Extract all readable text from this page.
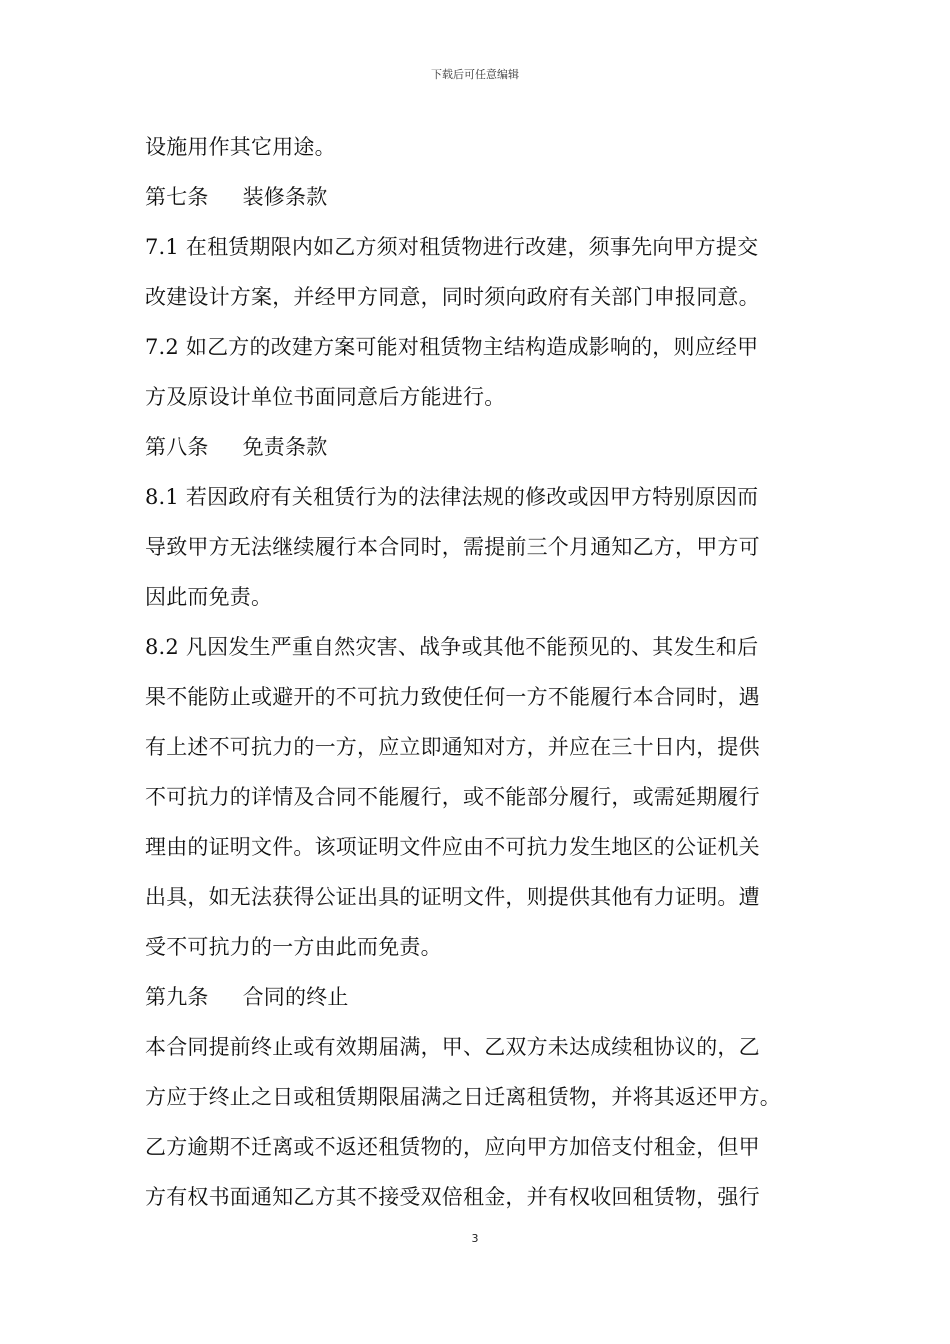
下载后可任意编辑
设施用作其它用途。
第七条 装修条款
7.1 在租赁期限内如乙方须对租赁物进行改建，须事先向甲方提交
改建设计方案，并经甲方同意，同时须向政府有关部门申报同意。
7.2 如乙方的改建方案可能对租赁物主结构造成影响的，则应经甲
方及原设计单位书面同意后方能进行。
第八条 免责条款
8.1 若因政府有关租赁行为的法律法规的修改或因甲方特别原因而
导致甲方无法继续履行本合同时，需提前三个月通知乙方，甲方可
因此而免责。
8.2 凡因发生严重自然灾害、战争或其他不能预见的、其发生和后
果不能防止或避开的不可抗力致使任何一方不能履行本合同时，遇
有上述不可抗力的一方，应立即通知对方，并应在三十日内，提供
不可抗力的详情及合同不能履行，或不能部分履行，或需延期履行
理由的证明文件。该项证明文件应由不可抗力发生地区的公证机关
出具，如无法获得公证出具的证明文件，则提供其他有力证明。遭
受不可抗力的一方由此而免责。
第九条 合同的终止
本合同提前终止或有效期届满，甲、乙双方未达成续租协议的，乙
方应于终止之日或租赁期限届满之日迁离租赁物，并将其返还甲方。
乙方逾期不迁离或不返还租赁物的，应向甲方加倍支付租金，但甲
方有权书面通知乙方其不接受双倍租金，并有权收回租赁物，强行
3
